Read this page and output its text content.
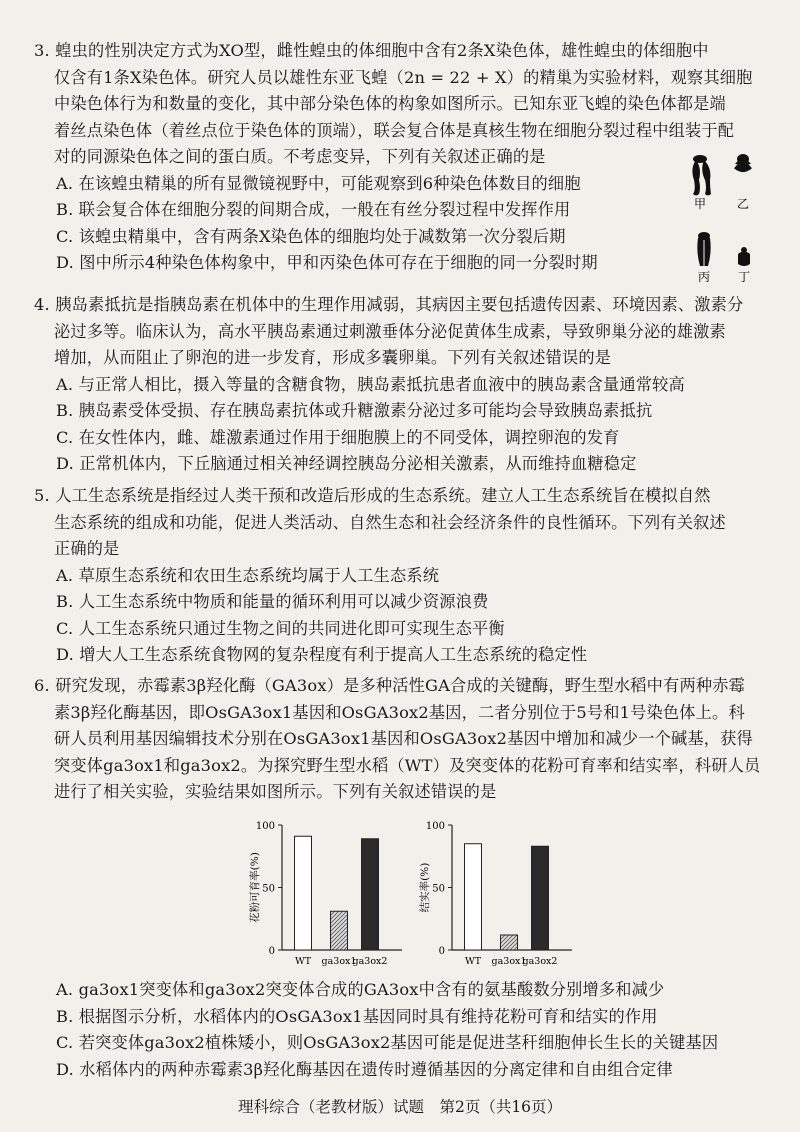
3. 蝗虫的性别决定方式为XO型，雌性蝗虫的体细胞中含有2条X染色体，雄性蝗虫的体细胞中
仅含有1条X染色体。研究人员以雄性东亚飞蝗（2n = 22 + X）的精巢为实验材料，观察其细胞
中染色体行为和数量的变化，其中部分染色体的构象如图所示。已知东亚飞蝗的染色体都是端
着丝点染色体（着丝点位于染色体的顶端），联会复合体是真核生物在细胞分裂过程中组装于配
对的同源染色体之间的蛋白质。不考虑变异，下列有关叙述正确的是
A. 在该蝗虫精巢的所有显微镜视野中，可能观察到6种染色体数目的细胞
B. 联会复合体在细胞分裂的间期合成，一般在有丝分裂过程中发挥作用
C. 该蝗虫精巢中，含有两条X染色体的细胞均处于减数第一次分裂后期
D. 图中所示4种染色体构象中，甲和丙染色体可存在于细胞的同一分裂时期
甲	乙
丙 丁
4. 胰岛素抵抗是指胰岛素在机体中的生理作用减弱，其病因主要包括遗传因素、环境因素、激素分
泌过多等。临床认为，高水平胰岛素通过刺激垂体分泌促黄体生成素，导致卵巢分泌的雄激素
增加，从而阻止了卵泡的进一步发育，形成多囊卵巢。下列有关叙述错误的是
A. 与正常人相比，摄入等量的含糖食物，胰岛素抵抗患者血液中的胰岛素含量通常较高
B. 胰岛素受体受损、存在胰岛素抗体或升糖激素分泌过多可能均会导致胰岛素抵抗
C. 在女性体内，雌、雄激素通过作用于细胞膜上的不同受体，调控卵泡的发育
D. 正常机体内，下丘脑通过相关神经调控胰岛分泌相关激素，从而维持血糖稳定
5. 人工生态系统是指经过人类干预和改造后形成的生态系统。建立人工生态系统旨在模拟自然
生态系统的组成和功能，促进人类活动、自然生态和社会经济条件的良性循环。下列有关叙述
正确的是
A. 草原生态系统和农田生态系统均属于人工生态系统
B. 人工生态系统中物质和能量的循环利用可以减少资源浪费
C. 人工生态系统只通过生物之间的共同进化即可实现生态平衡
D. 增大人工生态系统食物网的复杂程度有利于提高人工生态系统的稳定性
6. 研究发现，赤霉素3β羟化酶（GA3ox）是多种活性GA合成的关键酶，野生型水稻中有两种赤霉
素3β羟化酶基因，即OsGA3ox1基因和OsGA3ox2基因，二者分别位于5号和1号染色体上。科
研人员利用基因编辑技术分别在OsGA3ox1基因和OsGA3ox2基因中增加和减少一个碱基，获得
突变体ga3ox1和ga3ox2。为探究野生型水稻（WT）及突变体的花粉可育率和结实率，科研人员
进行了相关实验，实验结果如图所示。下列有关叙述错误的是
0
50
100
花粉可育率(%)
WT ga3ox1
ga3ox2
0
50
100
结实率(%)
WT ga3ox1
ga3ox2
A. ga3ox1突变体和ga3ox2突变体合成的GA3ox中含有的氨基酸数分别增多和减少
B. 根据图示分析，水稻体内的OsGA3ox1基因同时具有维持花粉可育和结实的作用
C. 若突变体ga3ox2植株矮小，则OsGA3ox2基因可能是促进茎秆细胞伸长生长的关键基因
D. 水稻体内的两种赤霉素3β羟化酶基因在遗传时遵循基因的分离定律和自由组合定律
理科综合（老教材版）试题　第2页（共16页）
